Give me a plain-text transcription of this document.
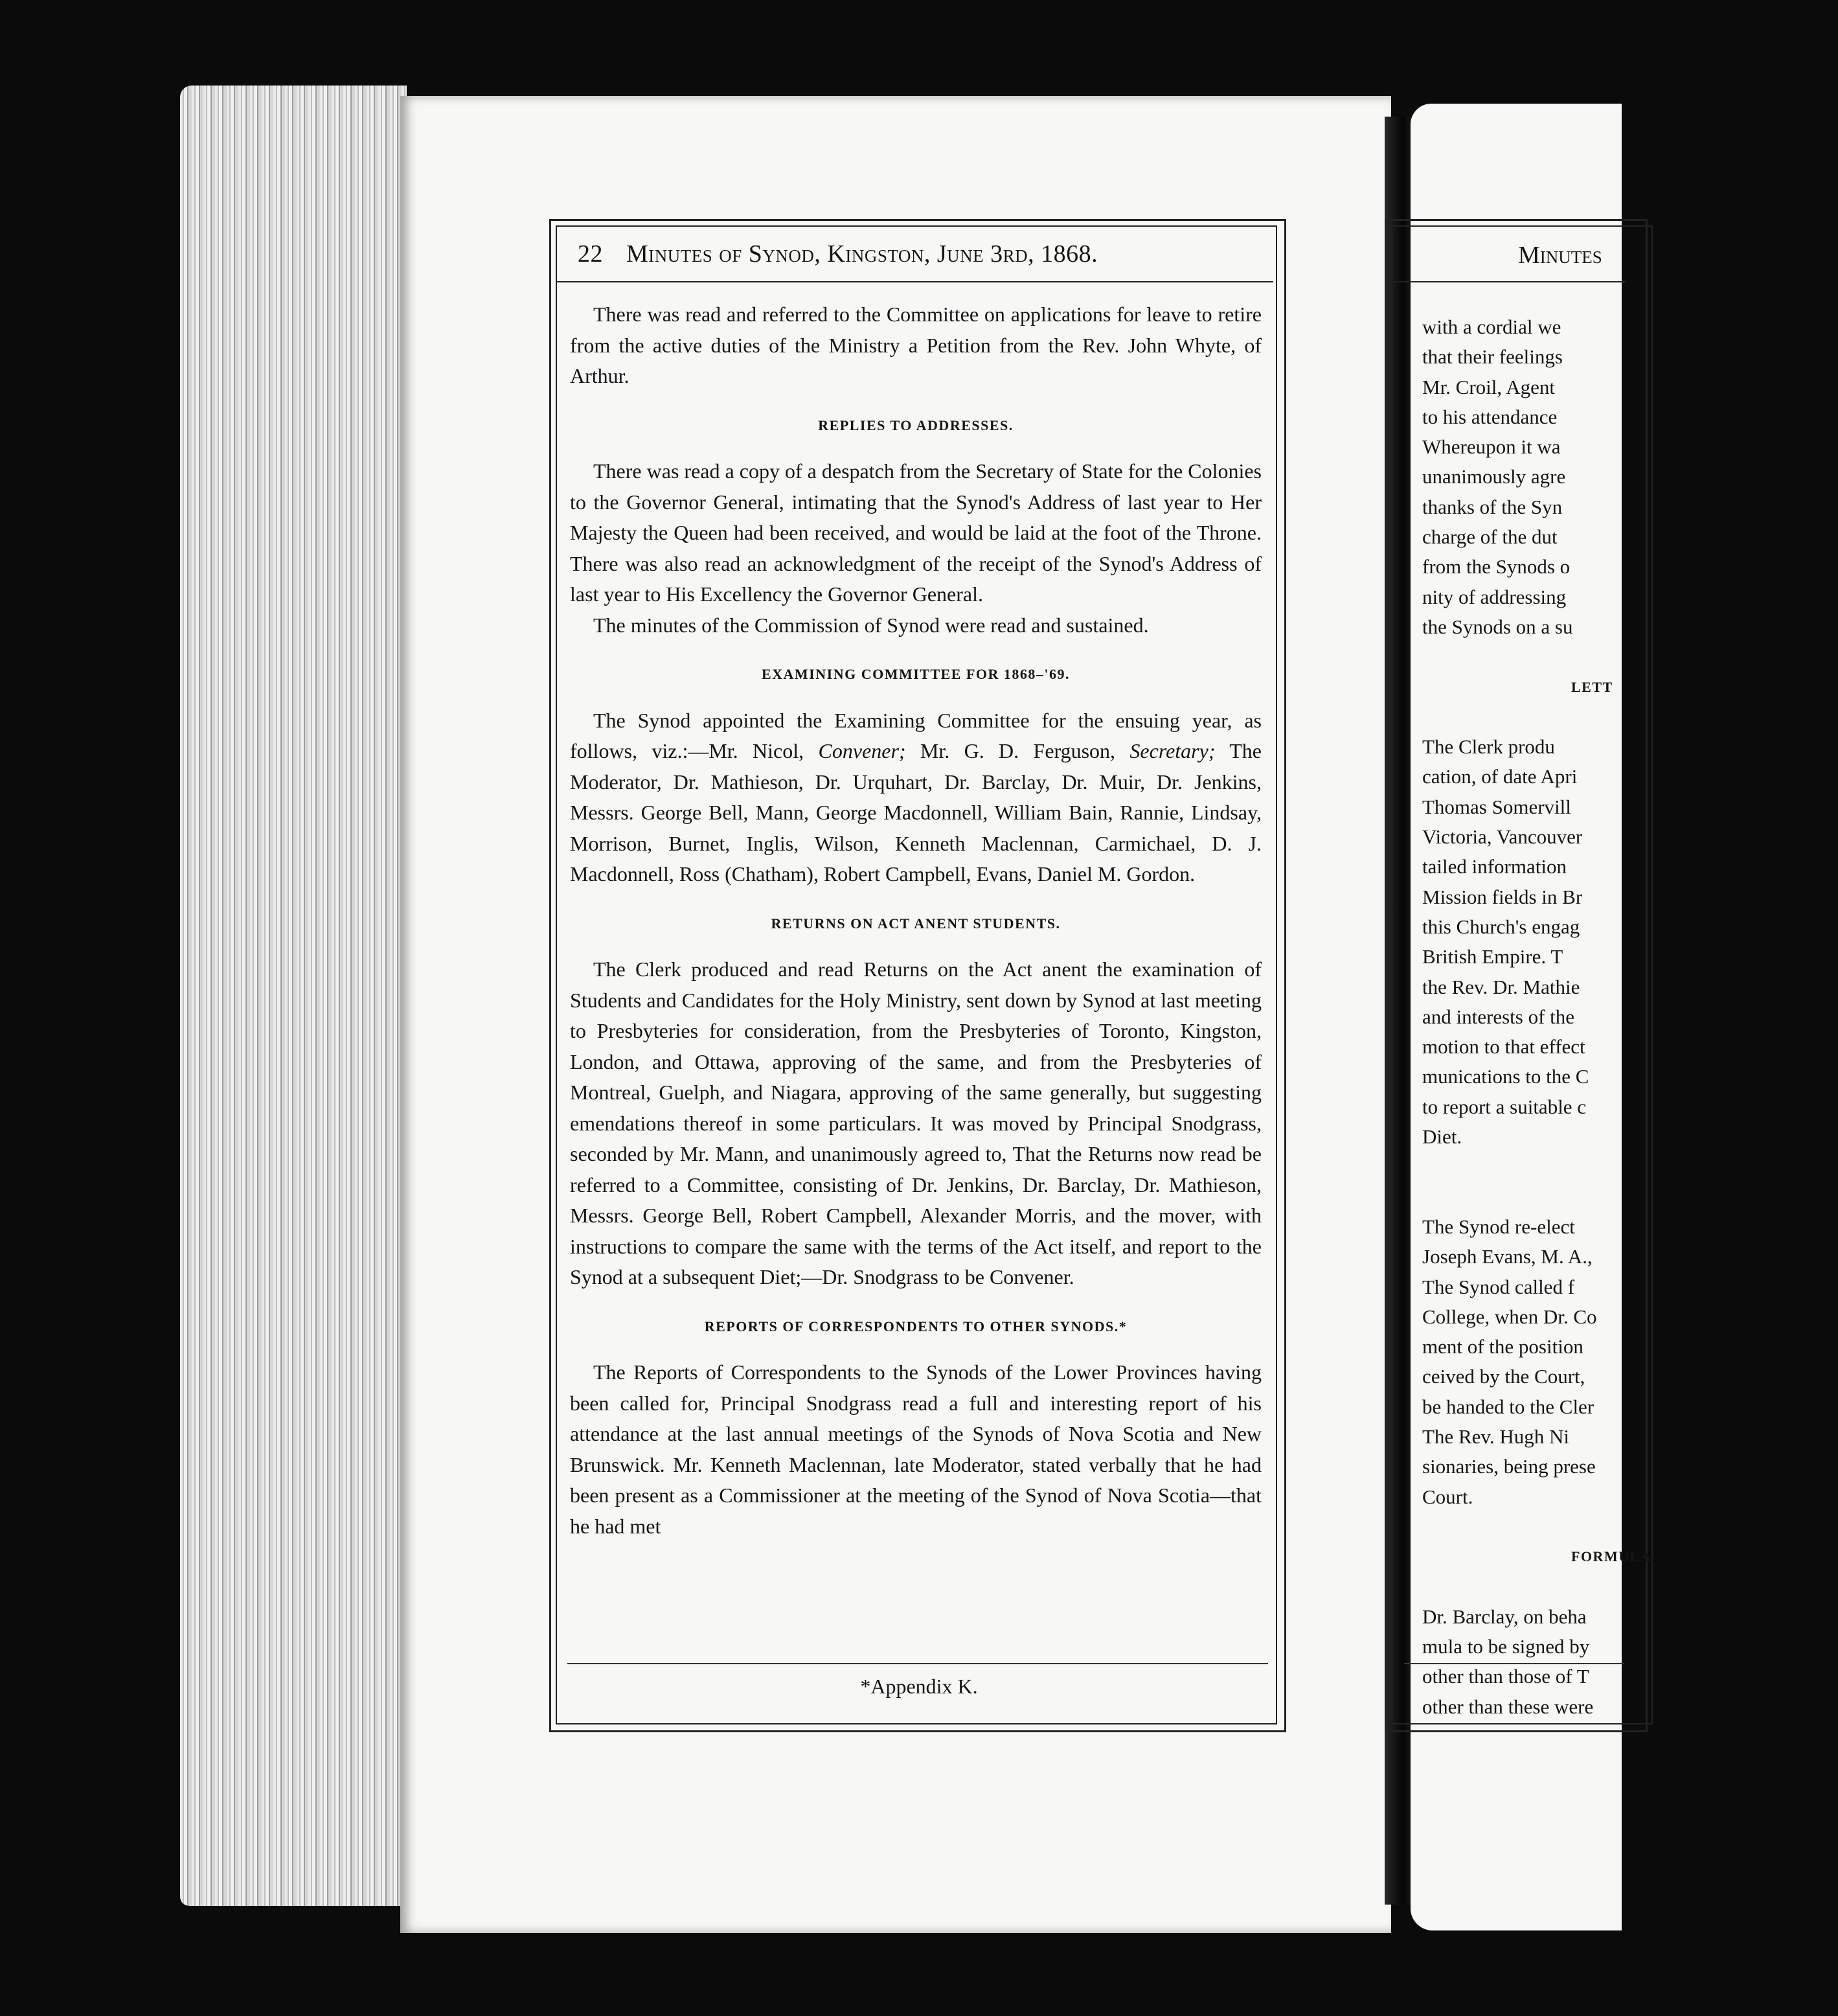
22 Minutes of Synod, Kingston, June 3rd, 1868.

There was read and referred to the Committee on applications for leave to retire from the active duties of the Ministry a Petition from the Rev. John Whyte, of Arthur.

REPLIES TO ADDRESSES.

There was read a copy of a despatch from the Secretary of State for the Colonies to the Governor General, intimating that the Synod's Address of last year to Her Majesty the Queen had been received, and would be laid at the foot of the Throne. There was also read an acknowledgment of the receipt of the Synod's Address of last year to His Excellency the Governor General.

The minutes of the Commission of Synod were read and sustained.

EXAMINING COMMITTEE FOR 1868–'69.

The Synod appointed the Examining Committee for the ensuing year, as follows, viz.:—Mr. Nicol, Convener; Mr. G. D. Ferguson, Secretary; The Moderator, Dr. Mathieson, Dr. Urquhart, Dr. Barclay, Dr. Muir, Dr. Jenkins, Messrs. George Bell, Mann, George Macdonnell, William Bain, Rannie, Lindsay, Morrison, Burnet, Inglis, Wilson, Kenneth Maclennan, Carmichael, D. J. Macdonnell, Ross (Chatham), Robert Campbell, Evans, Daniel M. Gordon.

RETURNS ON ACT ANENT STUDENTS.

The Clerk produced and read Returns on the Act anent the examination of Students and Candidates for the Holy Ministry, sent down by Synod at last meeting to Presbyteries for consideration, from the Presbyteries of Toronto, Kingston, London, and Ottawa, approving of the same, and from the Presbyteries of Montreal, Guelph, and Niagara, approving of the same generally, but suggesting emendations thereof in some particulars. It was moved by Principal Snodgrass, seconded by Mr. Mann, and unanimously agreed to, That the Returns now read be referred to a Committee, consisting of Dr. Jenkins, Dr. Barclay, Dr. Mathieson, Messrs. George Bell, Robert Campbell, Alexander Morris, and the mover, with instructions to compare the same with the terms of the Act itself, and report to the Synod at a subsequent Diet;—Dr. Snodgrass to be Convener.

REPORTS OF CORRESPONDENTS TO OTHER SYNODS.*

The Reports of Correspondents to the Synods of the Lower Provinces having been called for, Principal Snodgrass read a full and interesting report of his attendance at the last annual meetings of the Synods of Nova Scotia and New Brunswick. Mr. Kenneth Maclennan, late Moderator, stated verbally that he had been present as a Commissioner at the meeting of the Synod of Nova Scotia—that he had met

*Appendix K.
Minutes
with a cordial we
that their feelings
Mr. Croil, Agent
to his attendance
Whereupon it wa
unanimously agre
thanks of the Syn
charge of the dut
from the Synods o
nity of addressing
the Synods on a su
LETT
The Clerk produ
cation, of date Apri
Thomas Somervill
Victoria, Vancouver
tailed information
Mission fields in Br
this Church's engag
British Empire. T
the Rev. Dr. Mathie
and interests of the
motion to that effect
munications to the C
to report a suitable c
Diet.
The Synod re-elect
Joseph Evans, M. A.,
The Synod called f
College, when Dr. Co
ment of the position
ceived by the Court,
be handed to the Cler
The Rev. Hugh Ni
sionaries, being prese
Court.
FORMULA
Dr. Barclay, on beha
mula to be signed by
other than those of T
other than these were
